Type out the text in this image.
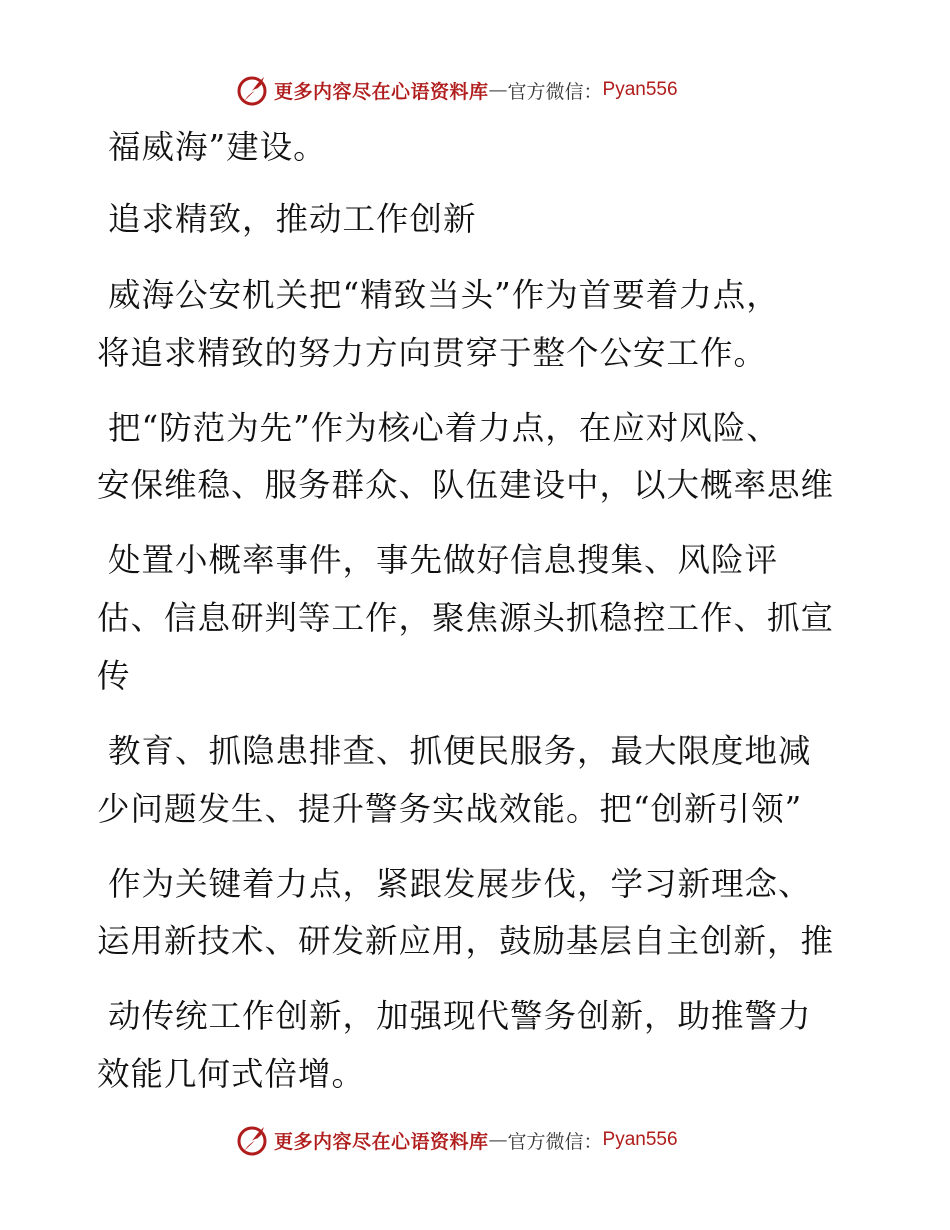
更多内容尽在心语资料库 — 官方微信： Pyan556
福威海”建设。
追求精致，推动工作创新
威海公安机关把“精致当头”作为首要着力点，
将追求精致的努力方向贯穿于整个公安工作。
把“防范为先”作为核心着力点，在应对风险、
安保维稳、服务群众、队伍建设中，以大概率思维
处置小概率事件，事先做好信息搜集、风险评
估、信息研判等工作，聚焦源头抓稳控工作、抓宣
传
教育、抓隐患排查、抓便民服务，最大限度地减
少问题发生、提升警务实战效能。把“创新引领”
作为关键着力点，紧跟发展步伐，学习新理念、
运用新技术、研发新应用，鼓励基层自主创新，推
动传统工作创新，加强现代警务创新，助推警力
效能几何式倍增。
更多内容尽在心语资料库 — 官方微信： Pyan556
